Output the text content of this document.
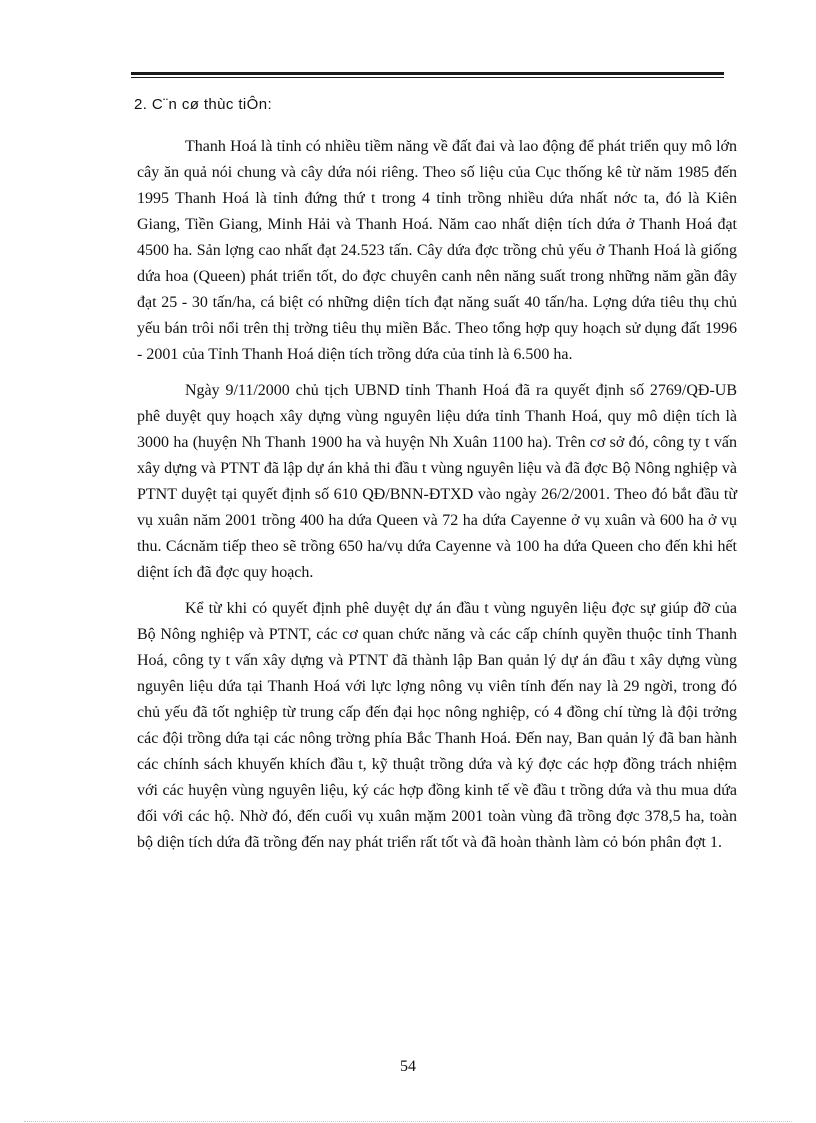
2. C¨n cø thùc tiÔn:

Thanh Hoá là tỉnh có nhiều tiềm năng về đất đai và lao động để phát triển quy mô lớn cây ăn quả nói chung và cây dứa nói riêng. Theo số liệu của Cục thống kê từ năm 1985 đến 1995 Thanh Hoá là tỉnh đứng thứ t trong 4 tỉnh trồng nhiều dứa nhất nớc ta, đó là Kiên Giang, Tiền Giang, Minh Hải và Thanh Hoá. Năm cao nhất diện tích dứa ở Thanh Hoá đạt 4500 ha. Sản lợng cao nhất đạt 24.523 tấn. Cây dứa đợc trồng chủ yếu ở Thanh Hoá là giống dứa hoa (Queen) phát triển tốt, do đợc chuyên canh nên năng suất trong những năm gần đây đạt 25 - 30 tấn/ha, cá biệt có những diện tích đạt năng suất 40 tấn/ha. Lợng dứa tiêu thụ chủ yếu bán trôi nổi trên thị trờng tiêu thụ miền Bắc. Theo tổng hợp quy hoạch sử dụng đất 1996 - 2001 của Tỉnh Thanh Hoá diện tích trồng dứa của tỉnh là 6.500 ha.

Ngày 9/11/2000 chủ tịch UBND tỉnh Thanh Hoá đã ra quyết định số 2769/QĐ-UB phê duyệt quy hoạch xây dựng vùng nguyên liệu dứa tỉnh Thanh Hoá, quy mô diện tích là 3000 ha (huyện Nh Thanh 1900 ha và huyện Nh Xuân 1100 ha). Trên cơ sở đó, công ty t vấn xây dựng và PTNT đã lập dự án khả thi đầu t vùng nguyên liệu và đã đợc Bộ Nông nghiệp và PTNT duyệt tại quyết định số 610 QĐ/BNN-ĐTXD vào ngày 26/2/2001. Theo đó bắt đầu từ vụ xuân năm 2001 trồng 400 ha dứa Queen và 72 ha dứa Cayenne ở vụ xuân và 600 ha ở vụ thu. Cácnăm tiếp theo sẽ trồng 650 ha/vụ dứa Cayenne và 100 ha dứa Queen cho đến khi hết diệnt ích đã đợc quy hoạch.

Kể từ khi có quyết định phê duyệt dự án đầu t vùng nguyên liệu đợc sự giúp đỡ của Bộ Nông nghiệp và PTNT, các cơ quan chức năng và các cấp chính quyền thuộc tỉnh Thanh Hoá, công ty t vấn xây dựng và PTNT đã thành lập Ban quản lý dự án đầu t xây dựng vùng nguyên liệu dứa tại Thanh Hoá với lực lợng nông vụ viên tính đến nay là 29 ngời, trong đó chủ yếu đã tốt nghiệp từ trung cấp đến đại học nông nghiệp, có 4 đồng chí từng là đội trởng các đội trồng dứa tại các nông trờng phía Bắc Thanh Hoá. Đến nay, Ban quản lý đã ban hành các chính sách khuyến khích đầu t, kỹ thuật trồng dứa và ký đợc các hợp đồng trách nhiệm với các huyện vùng nguyên liệu, ký các hợp đồng kinh tế về đầu t trồng dứa và thu mua dứa đối với các hộ. Nhờ đó, đến cuối vụ xuân mặm 2001 toàn vùng đã trồng đợc 378,5 ha, toàn bộ diện tích dứa đã trồng đến nay phát triển rất tốt và đã hoàn thành làm cỏ bón phân đợt 1.

54
